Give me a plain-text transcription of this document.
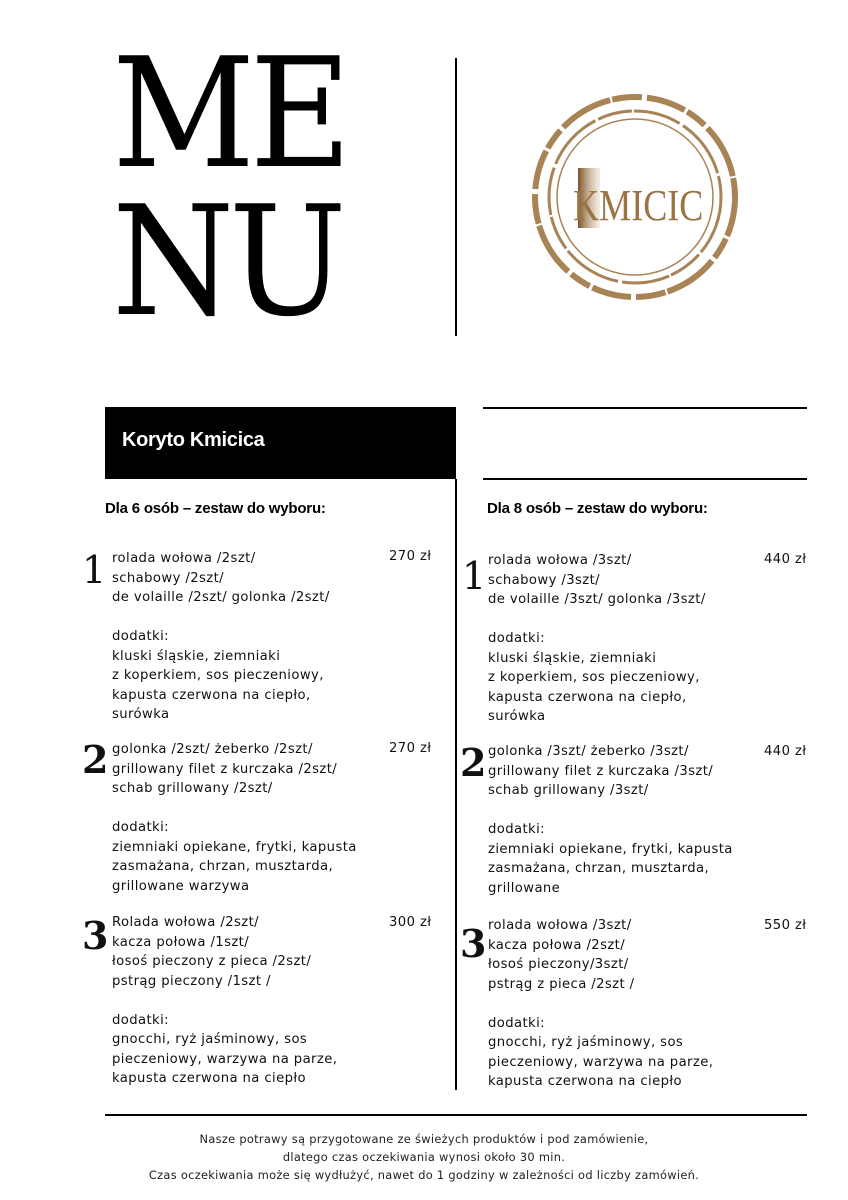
ME
NU	KMICIC
Koryto Kmicica
Dla 6 osób – zestaw do wyboru:
1 rolada wołowa /2szt/
schabowy /2szt/
de volaille /2szt/ golonka /2szt/
dodatki:
kluski śląskie, ziemniaki
z koperkiem, sos pieczeniowy,
kapusta czerwona na ciepło,
surówka
270 zł
2 golonka /2szt/ żeberko /2szt/
grillowany filet z kurczaka /2szt/
schab grillowany /2szt/
dodatki:
ziemniaki opiekane, frytki, kapusta
zasmażana, chrzan, musztarda,
grillowane warzywa
270 zł
3 Rolada wołowa /2szt/
kacza połowa /1szt/
łosoś pieczony z pieca /2szt/
pstrąg pieczony /1szt /
dodatki:
gnocchi, ryż jaśminowy, sos
pieczeniowy, warzywa na parze,
kapusta czerwona na ciepło
300 zł
Dla 8 osób – zestaw do wyboru:
1 rolada wołowa /3szt/
schabowy /3szt/
de volaille /3szt/ golonka /3szt/
dodatki:
kluski śląskie, ziemniaki
z koperkiem, sos pieczeniowy,
kapusta czerwona na ciepło,
surówka
440 zł
2 golonka /3szt/ żeberko /3szt/
grillowany filet z kurczaka /3szt/
schab grillowany /3szt/
dodatki:
ziemniaki opiekane, frytki, kapusta
zasmażana, chrzan, musztarda,
grillowane
440 zł
3 rolada wołowa /3szt/
kacza połowa /2szt/
łosoś pieczony/3szt/
pstrąg z pieca /2szt /
dodatki:
gnocchi, ryż jaśminowy, sos
pieczeniowy, warzywa na parze,
kapusta czerwona na ciepło
550 zł
Nasze potrawy są przygotowane ze świeżych produktów i pod zamówienie,
dlatego czas oczekiwania wynosi około 30 min.
Czas oczekiwania może się wydłużyć, nawet do 1 godziny w zależności od liczby zamówień.
